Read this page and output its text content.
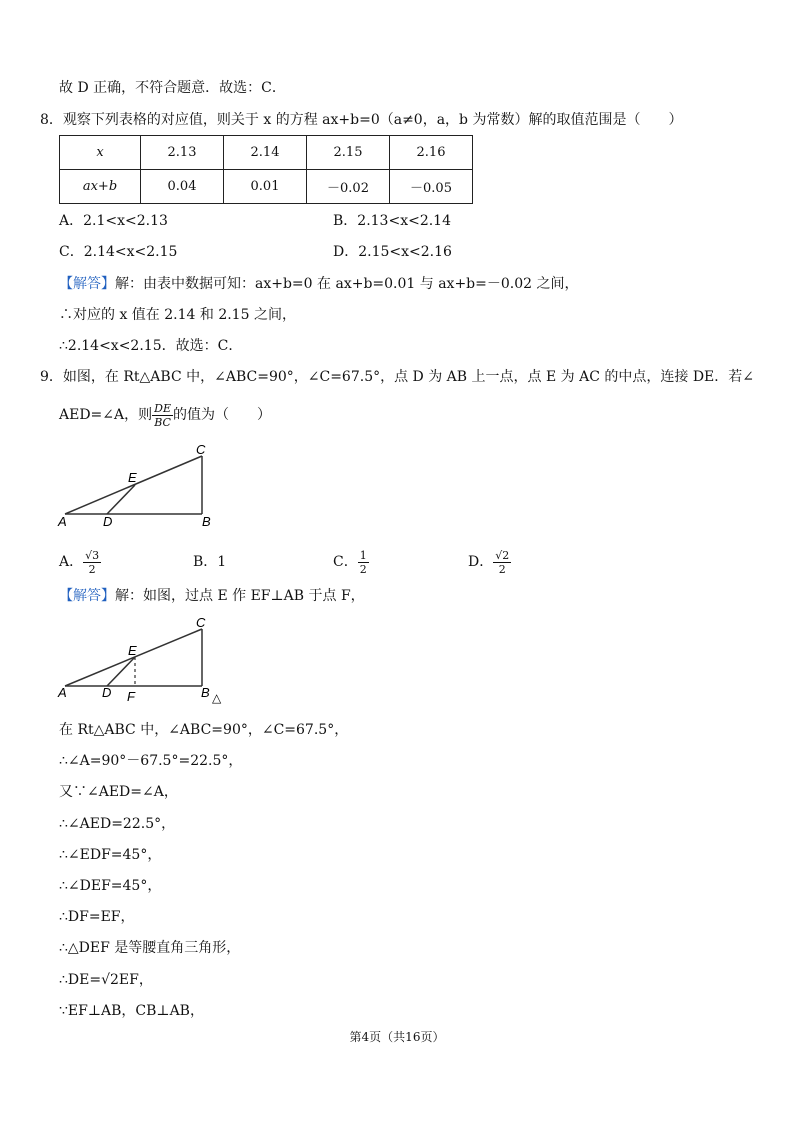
故 D 正确，不符合题意．故选：C．
8．观察下列表格的对应值，则关于 x 的方程 ax+b=0（a≠0，a，b 为常数）解的取值范围是（　　）
x	2.13	2.14	2.15	2.16
ax+b	0.04	0.01	－0.02	－0.05
A．2.1<x<2.13	B．2.13<x<2.14
C．2.14<x<2.15	D．2.15<x<2.16
【解答】解：由表中数据可知：ax+b=0 在 ax+b=0.01 与 ax+b=－0.02 之间，
∴对应的 x 值在 2.14 和 2.15 之间，
∴2.14<x<2.15．故选：C．
9．如图，在 Rt△ABC 中，∠ABC=90°，∠C=67.5°，点 D 为 AB 上一点，点 E 为 AC 的中点，连接 DE．若∠
AED=∠A，则 $\frac{DE}{BC}$ 的值为（　　）
A	B
C
D
E
A． $\frac{√3}{2}$	B．1	C． $\frac{1}{2}$	D． $\frac{√2}{2}$
【解答】解：如图，过点 E 作 EF⊥AB 于点 F，
A	B △
C
D
E
F
在 Rt△ABC 中，∠ABC=90°，∠C=67.5°，
∴∠A=90°－67.5°=22.5°，
又∵∠AED=∠A，
∴∠AED=22.5°，
∴∠EDF=45°，
∴∠DEF=45°，
∴DF=EF，
∴△DEF 是等腰直角三角形，
∴DE=√2EF，
∵EF⊥AB，CB⊥AB，
第4页（共16页）
